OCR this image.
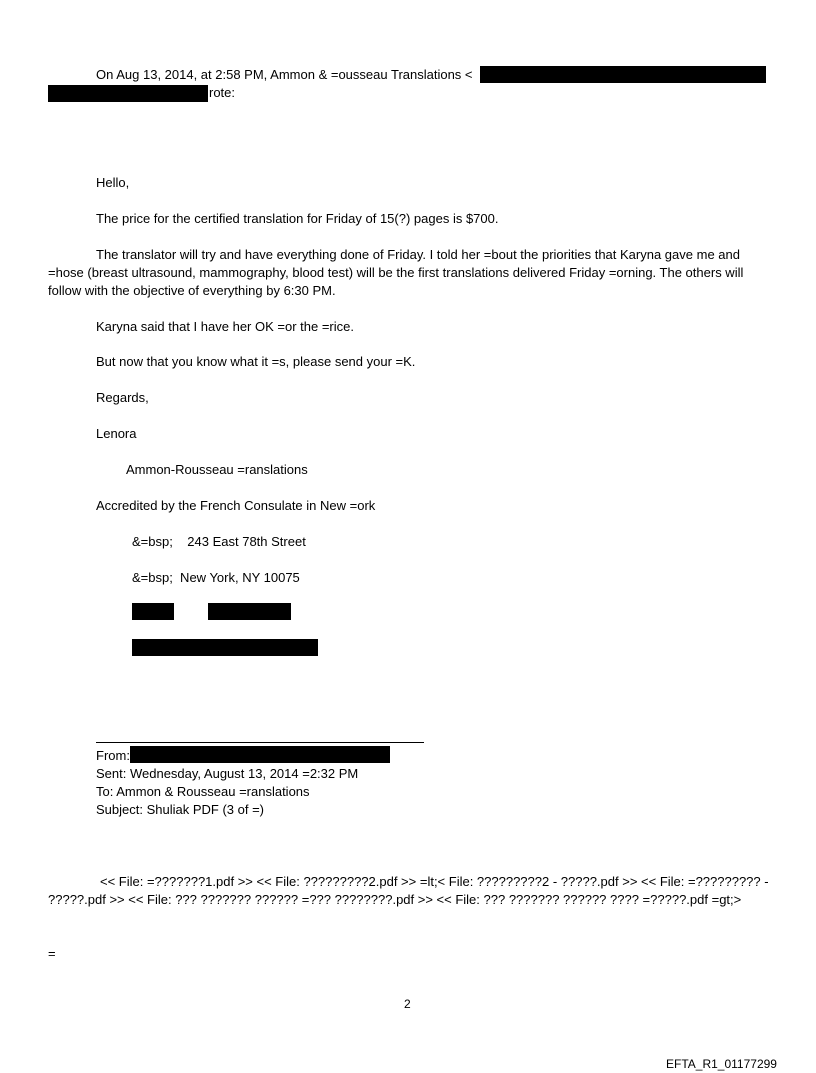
On Aug 13, 2014, at 2:58 PM, Ammon & =ousseau Translations <
rote:
Hello,
The price for the certified translation for Friday of 15(?) pages is $700.
The translator will try and have everything done of Friday. I told her =bout the priorities that Karyna gave me and =hose (breast ultrasound, mammography, blood test) will be the first translations delivered Friday =orning. The others will follow with the objective of everything by 6:30 PM.
Karyna said that I have her OK =or the =rice.
But now that you know what it =s, please send your =K.
Regards,
Lenora
Ammon-Rousseau =ranslations
Accredited by the French Consulate in New =ork
&=bsp;    243 East 78th Street
&=bsp;  New York, NY 10075
From:
Sent: Wednesday, August 13, 2014 =2:32 PM
To: Ammon & Rousseau =ranslations
Subject: Shuliak PDF (3 of =)
<< File: =???????1.pdf >> << File: ?????????2.pdf >> =lt;< File: ?????????2 - ?????.pdf >> << File: =????????? -
?????.pdf >> << File: ??? ??????? ?????? =??? ????????.pdf >> << File: ??? ??????? ?????? ???? =?????.pdf =gt;>
=
2
EFTA_R1_01177299
